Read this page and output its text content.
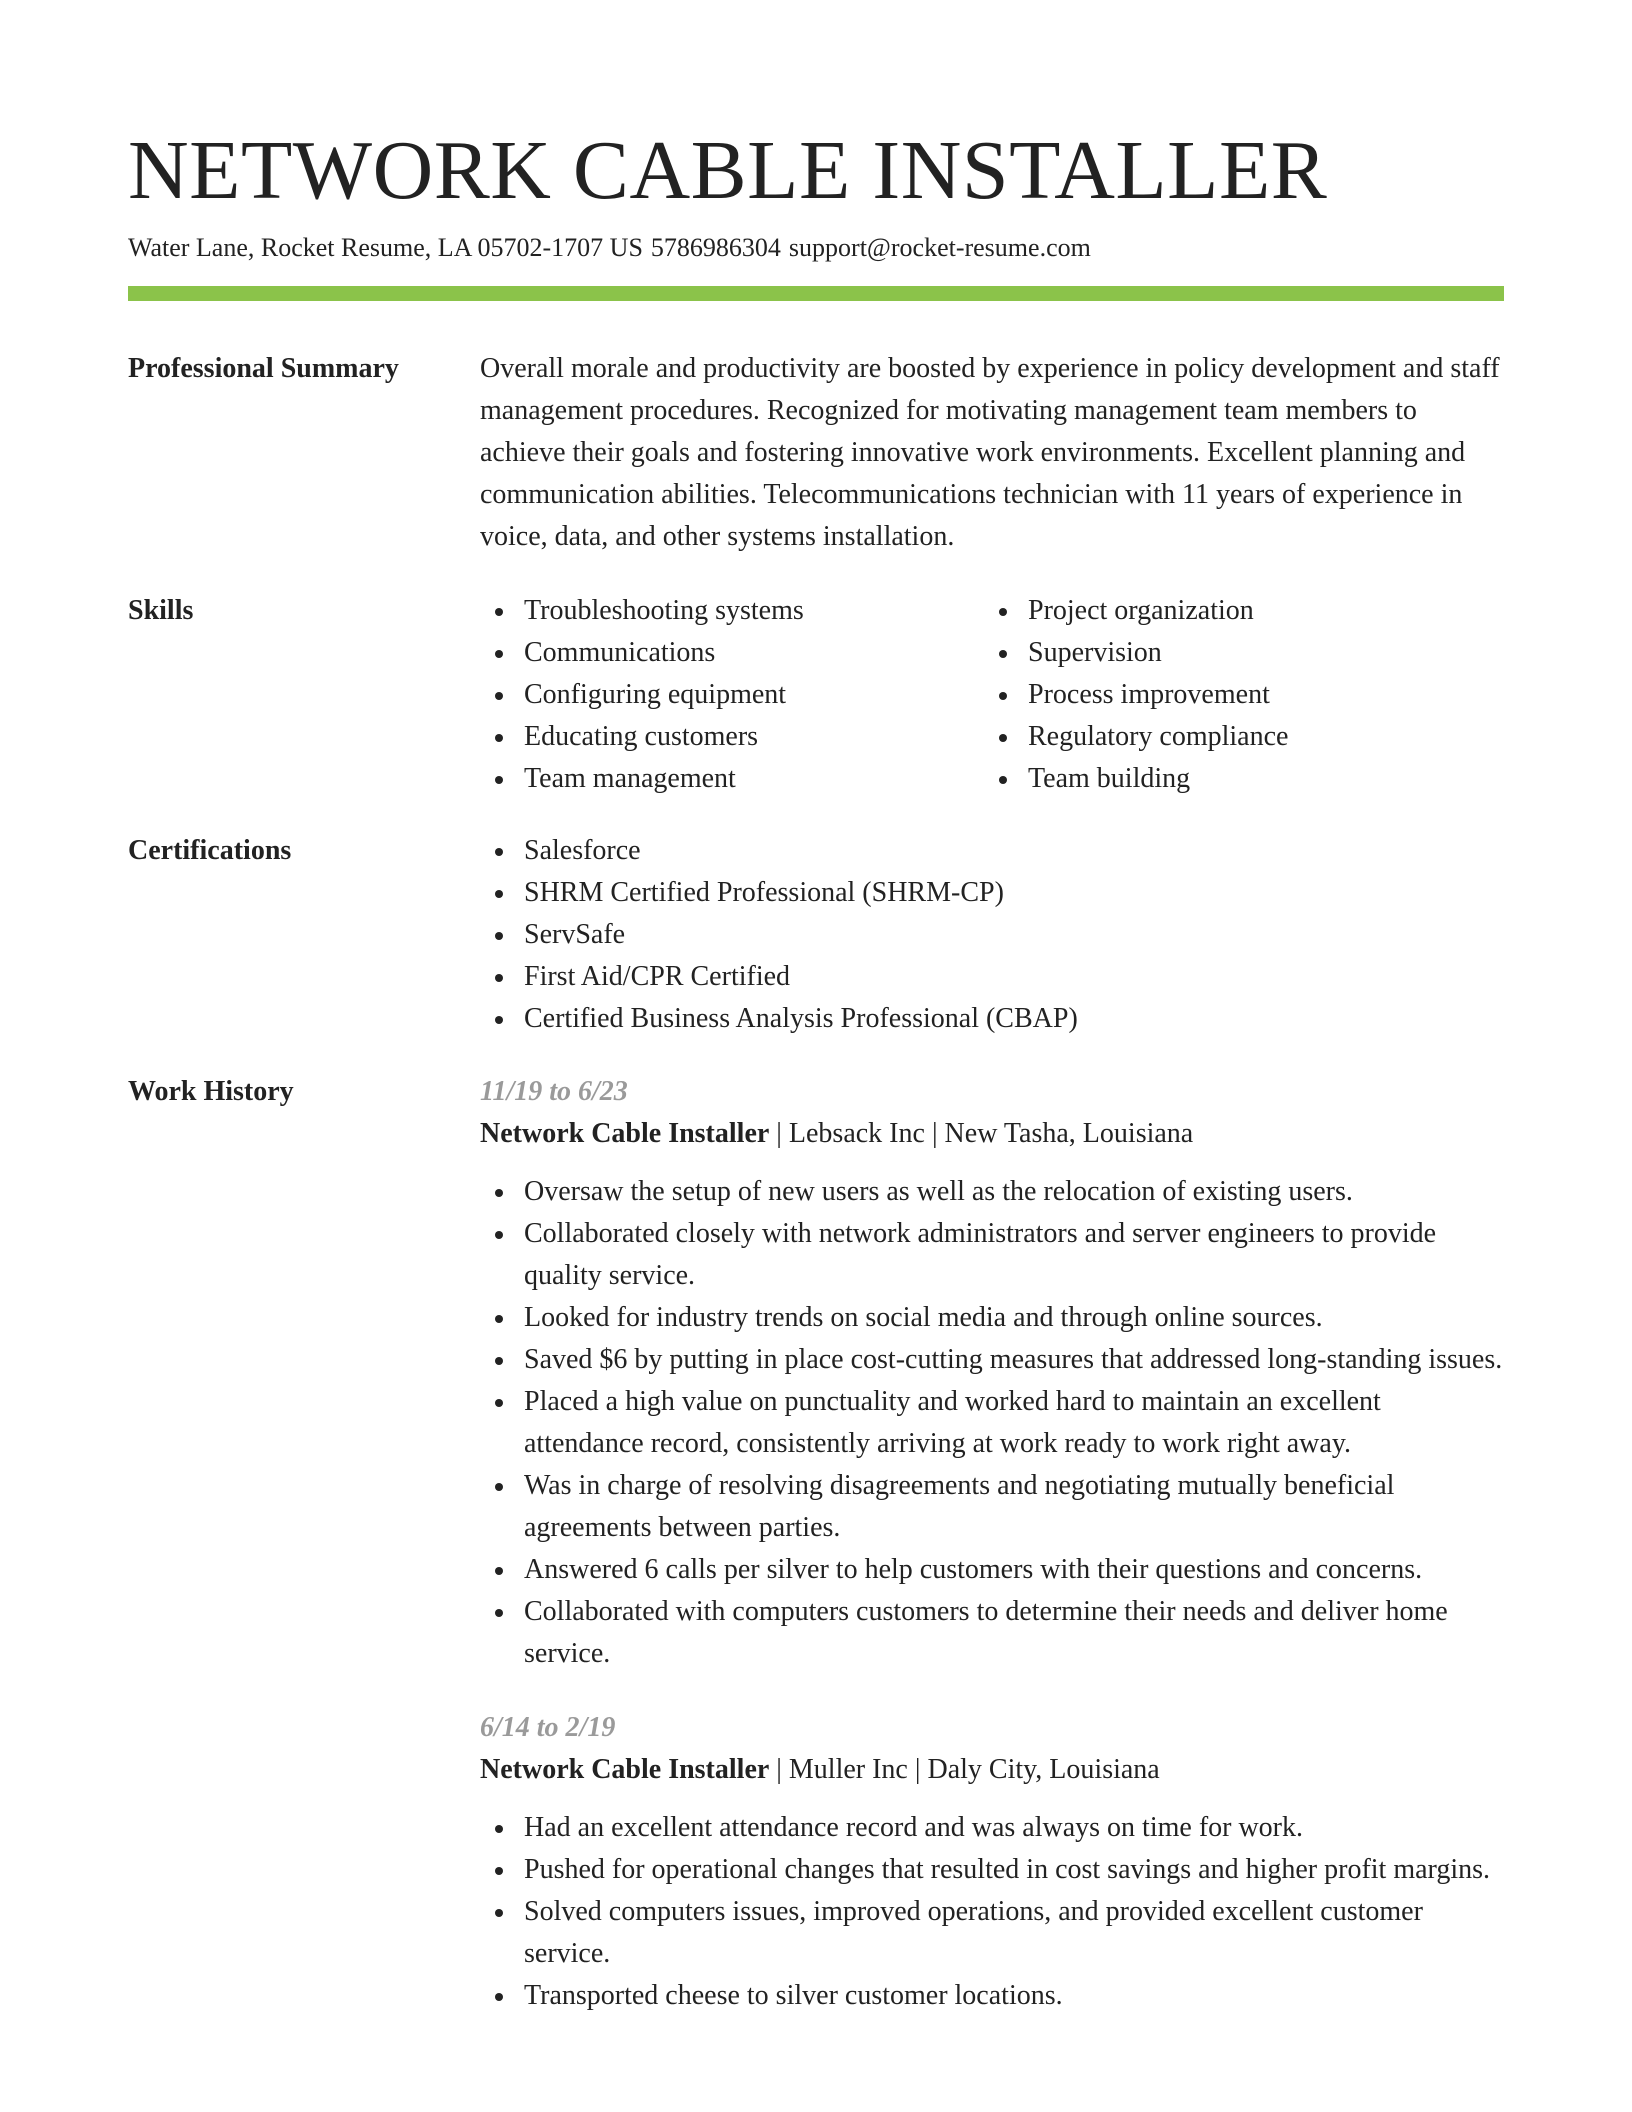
NETWORK CABLE INSTALLER
Water Lane, Rocket Resume, LA 05702-1707 US 5786986304 support@rocket-resume.com
Professional Summary	Overall morale and productivity are boosted by experience in policy development and staff management procedures. Recognized for motivating management team members to achieve their goals and fostering innovative work environments. Excellent planning and communication abilities. Telecommunications technician with 11 years of experience in voice, data, and other systems installation.

Skills	Troubleshooting systems
Communications
Configuring equipment
Educating customers
Team management
Project organization
Supervision
Process improvement
Regulatory compliance
Team building
Certifications	Salesforce
SHRM Certified Professional (SHRM-CP)
ServSafe
First Aid/CPR Certified
Certified Business Analysis Professional (CBAP)
Work History	11/19 to 6/23
Network Cable Installer | Lebsack Inc | New Tasha, Louisiana
Oversaw the setup of new users as well as the relocation of existing users.
Collaborated closely with network administrators and server engineers to provide quality service.
Looked for industry trends on social media and through online sources.
Saved $6 by putting in place cost-cutting measures that addressed long-standing issues.
Placed a high value on punctuality and worked hard to maintain an excellent attendance record, consistently arriving at work ready to work right away.
Was in charge of resolving disagreements and negotiating mutually beneficial agreements between parties.
Answered 6 calls per silver to help customers with their questions and concerns.
Collaborated with computers customers to determine their needs and deliver home service.
6/14 to 2/19
Network Cable Installer | Muller Inc | Daly City, Louisiana
Had an excellent attendance record and was always on time for work.
Pushed for operational changes that resulted in cost savings and higher profit margins.
Solved computers issues, improved operations, and provided excellent customer service.
Transported cheese to silver customer locations.
